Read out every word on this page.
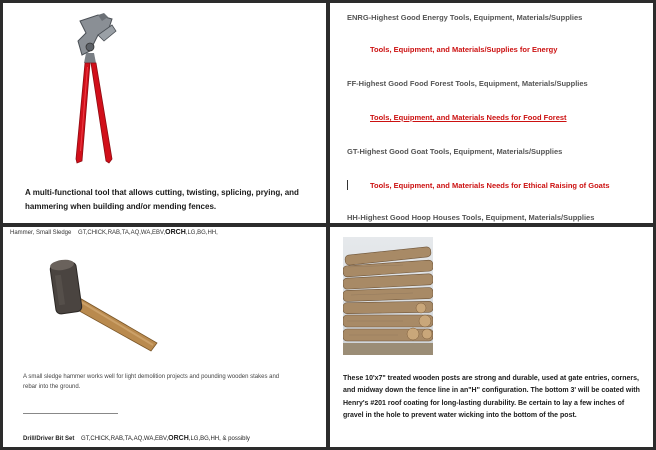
A multi-functional tool that allows cutting, twisting, splicing, prying, and hammering when building and/or mending fences.
ENRG-Highest Good Energy Tools, Equipment, Materials/Supplies
Tools, Equipment, and Materials/Supplies for Energy
FF-Highest Good Food Forest Tools, Equipment, Materials/Supplies
Tools, Equipment, and Materials Needs for Food Forest
GT-Highest Good Goat Tools, Equipment, Materials/Supplies
Tools, Equipment, and Materials Needs for Ethical Raising of Goats
HH-Highest Good Hoop Houses Tools, Equipment, Materials/Supplies
Hammer, Small Sledge GT,CHICK,RAB,TA,AQ,WA,EBV,ORCH,LG,BG,HH,
A small sledge hammer works well for light demolition projects and pounding wooden stakes and rebar into the ground.
Drill/Driver Bit Set GT,CHICK,RAB,TA,AQ,WA,EBV,ORCH,LG,BG,HH, & possibly
These 10'x7" treated wooden posts are strong and durable, used at gate entries, corners, and midway down the fence line in an"H" configuration. The bottom 3' will be coated with Henry's #201 roof coating for long-lasting durability. Be certain to lay a few inches of gravel in the hole to prevent water wicking into the bottom of the post.
